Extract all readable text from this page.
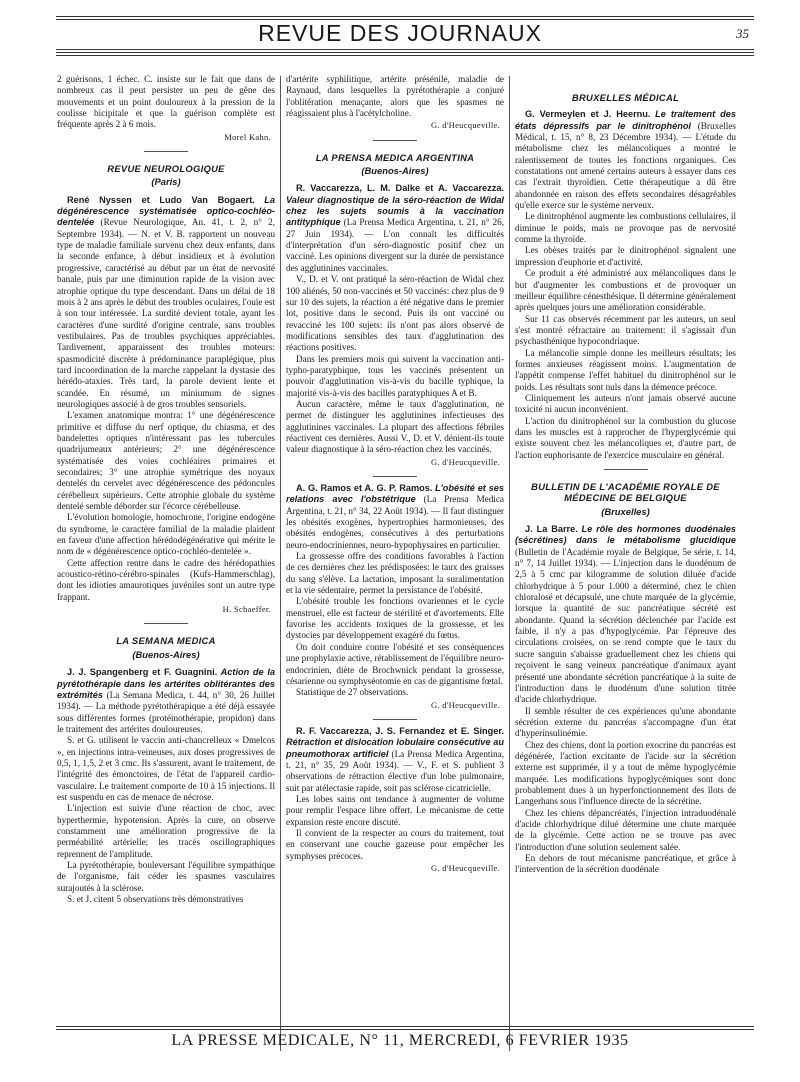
REVUE DES JOURNAUX	35

2 guérisons, 1 échec. C. insiste sur le fait que dans de nombreux cas il peut persister un peu de gêne des mouvements et un point douloureux à la pression de la coulisse bicipitale et que la guérison complète est fréquente après 2 à 6 mois.

Morel Kahn.

REVUE NEUROLOGIQUE

(Paris)

René Nyssen et Ludo Van Bogaert. La dégénérescence systématisée optico-cochléo-dentelée (Revue Neurologique, An. 41, t. 2, n° 2, Septembre 1934). — N. et V. B. rapportent un nouveau type de maladie familiale survenu chez deux enfants, dans la seconde enfance, à début insidieux et à évolution progressive, caractérisé au début par un état de nervosité banale, puis par une diminution rapide de la vision avec atrophie optique du type descendant. Dans un délai de 18 mois à 2 ans après le début des troubles oculaires, l'ouïe est à son tour intéressée. La surdité devient totale, ayant les caractères d'une surdité d'origine centrale, sans troubles vestibulaires. Pas de troubles psychiques appréciables. Tardivement, apparaissent des troubles moteurs: spasmodicité discrète à prédominance paraplégique, plus tard incoordination de la marche rappelant la dystasie des hérédo-ataxies. Très tard, la parole devient lente et scandée. En résumé, un miniumum de signes neurologiques associé à de gros troubles sensoriels.

L'examen anatomique montra: 1° une dégénérescence primitive et diffuse du nerf optique, du chiasma, et des bandelettes optiques n'intéressant pas les tubercules quadrijumeaux antérieurs; 2° une dégénérescence systématisée des voies cochléaires primaires et secondaires; 3° une atrophie symétrique des noyaux dentelés du cervelet avec dégénérescence des pédoncules cérébelleux supérieurs. Cette atrophie globale du système dentelé semble déborder sur l'écorce cérébelleuse.

L'évolution homologie, homochrone, l'origine endogène du syndrome, le caractère familial de la maladie plaident en faveur d'une affection hérédodégénérative qui mérite le nom de « dégénérescence optico-cochléo-dentelée ».

Cette affection rentre dans le cadre des hérédopathies acoustico-rétino-cérébro-spinales (Kufs-Hammerschlag), dont les idioties amaurotiques juvéniles sont un autre type frappant.

H. Schaeffer.

LA SEMANA MEDICA

(Buenos-Aires)

J. J. Spangenberg et F. Guagnini. Action de la pyrétothérapie dans les artérites oblitérantes des extrémités (La Semana Medica, t. 44, n° 30, 26 Juillet 1934). — La méthode pyrétothérapique a été déjà essayée sous différentes formes (protéinothérapie, propidon) dans le traitement des artérites douloureuses.

S. et G. utilisent le vaccin anti-chancrelleux « Dmelcos », en injections intra-veineuses, aux doses progressives de 0,5, 1, 1,5, 2 et 3 cmc. Ils s'assurent, avant le traitement, de l'intégrité des émonctoires, de l'état de l'appareil cardio-vasculaire. Le traitement comporte de 10 à 15 injections. Il est suspendu en cas de menace de nécrose.

L'injection est suivie d'une réaction de choc, avec hyperthermie, hypotension. Après la cure, on observe constamment une amélioration progressive de la perméabilité artérielle; les tracés oscillographiques reprennent de l'amplitude.

La pyrétothérapie, bouleversant l'équilibre sympathique de l'organisme, fait céder les spasmes vasculaires surajoutés à la sclérose.

S. et J. citent 5 observations très démonstratives

d'artérite syphilitique, artérite présénile, maladie de Raynaud, dans lesquelles la pyrétothérapie a conjuré l'oblitération menaçante, alors que les spasmes ne réagissaient plus à l'acétylcholine.

G. d'Heucqueville.

LA PRENSA MEDICA ARGENTINA

(Buenos-Aires)

R. Vaccarezza, L. M. Dalke et A. Vaccarezza. Valeur diagnostique de la séro-réaction de Widal chez les sujets soumis à la vaccination antityphique (La Prensa Medica Argentina, t. 21, n° 26, 27 Juin 1934). — L'on connaît les difficultés d'interprétation d'un séro-diagnostic positif chez un vacciné. Les opinions divergent sur la durée de persistance des agglutinines vaccinales.

V., D. et V. ont pratiqué la séro-réaction de Widal chez 100 aliénés, 50 non-vaccinés et 50 vaccinés: chez plus de 9 sur 10 des sujets, la réaction a été négative dans le premier lot, positive dans le second. Puis ils ont vacciné ou revacciné les 100 sujets: ils n'ont pas alors observé de modifications sensibles des taux d'agglutination des réactions positives.

Dans les premiers mois qui suivent la vaccination anti-typho-paratyphique, tous les vaccinés présentent un pouvoir d'agglutination vis-à-vis du bacille typhique, la majorité vis-à-vis des bacilles paratyphiques A et B.

Aucun caractère, même le taux d'agglutination, ne permet de distinguer les agglutinines infectieuses des agglutinines vaccinales. La plupart des affections fébriles réactivent ces dernières. Aussi V., D. et V. dénient-ils toute valeur diagnostique à la séro-réaction chez les vaccinés.

G. d'Heucqueville.

A. G. Ramos et A. G. P. Ramos. L'obésité et ses relations avec l'obstétrique (La Prensa Medica Argentina, t. 21, n° 34, 22 Août 1934). — Il faut distinguer les obésités exogènes, hypertrophies harmonieuses, des obésités endogènes, consécutives à des perturbations neuro-endocriniennes, neuro-hypophysaires en particulier.

La grossesse offre des conditions favorables à l'action de ces dernières chez les prédisposées: le taux des graisses du sang s'élève. La lactation, imposant la suralimentation et la vie sédentaire, permet la persistance de l'obésité.

L'obésité trouble les fonctions ovariennes et le cycle menstruel, elle est facteur de stérilité et d'avortements. Elle favorise les accidents toxiques de la grossesse, et les dystocies par développement exagéré du fœtus.

On doit conduire contre l'obésité et ses conséquences une prophylaxie active, rétablissement de l'équilibre neuro-endocrinien, diète de Brochwnick pendant la grossesse, césarienne ou symphyséotomie en cas de gigantisme fœtal.

Statistique de 27 observations.

G. d'Heucqueville.

R. F. Vaccarezza, J. S. Fernandez et E. Singer. Rétraction et dislocation lobulaire consécutive au pneumothorax artificiel (La Prensa Medica Argentina, t. 21, n° 35, 29 Août 1934). — V., F. et S. publient 3 observations de rétraction élective d'un lobe pulmonaire, suit par atélectasie rapide, soit pas sclérose cicatricielle.

Les lobes sains ont tendance à augmenter de volume pour remplir l'espace libre offert. Le mécanisme de cette expansion reste encore discuté.

Il convient de la respecter au cours du traitement, tout en conservant une couche gazeuse pour empêcher les symphyses précoces.

G. d'Heucqueville.

BRUXELLES MÉDICAL

G. Vermeylen et J. Heernu. Le traitement des états dépressifs par le dinitrophénol (Bruxelles Médical, t. 15, n° 8, 23 Décembre 1934). — L'étude du métabolisme chez les mélancoliques a montré le ralentissement de toutes les fonctions organiques. Ces constatations ont amené certains auteurs à essayer dans ces cas l'extrait thyroïdien. Cette thérapeutique a dû être abandonnée en raison des effets secondaires désagréables qu'elle exerce sur le système nerveux.

Le dinitrophénol augmente les combustions cellulaires, il diminue le poids, mais ne provoque pas de nervosité comme la thyroïde.

Les obèses traités par le dinitrophénol signalent une impression d'euphorie et d'activité.

Ce produit a été administré aux mélancoliques dans le but d'augmenter les combustions et de provoquer un meilleur équilibre cénesthésique. Il détermine généralement après quelques jours une amélioration considérable.

Sur 11 cas observés récemment par les auteurs, un seul s'est montré réfractaire au traitement: il s'agissait d'un psychasthénique hypocondriaque.

La mélancolie simple donne les meilleurs résultats; les formes anxieuses réagissent moins. L'augmentation de l'appétit compense l'effet habituel du dinitrophénol sur le poids. Les résultats sont nuls dans la démence précoce.

Cliniquement les auteurs n'ont jamais observé aucune toxicité ni aucun inconvénient.

L'action du dinitrophénol sur la combustion du glucose dans les muscles est à rapprocher de l'hyperglycémie qui existe souvent chez les mélancoliques et, d'autre part, de l'action euphorisante de l'exercice musculaire en général.

BULLETIN DE L'ACADÉMIE ROYALE DE MÉDECINE DE BELGIQUE

(Bruxelles)

J. La Barre. Le rôle des hormones duodénales (sécrétines) dans le métabolisme glucidique (Bulletin de l'Académie royale de Belgique, 5e série, t. 14, n° 7, 14 Juillet 1934). — L'injection dans le duodénum de 2,5 à 5 cmc par kilogramme de solution diluée d'acide chlorhydrique à 5 pour 1.000 a déterminé, chez le chien chloralosé et décapsulé, une chute marquée de la glycémie, lorsque la quantité de suc pancréatique sécrété est abondante. Quand la sécrétion déclenchée par l'acide est faible, il n'y a pas d'hypoglycémie. Par l'épreuve des circulations croisées, on se rend compte que le taux du sucre sanguin s'abaisse graduellement chez les chiens qui reçoivent le sang veineux pancréatique d'animaux ayant présenté une abondante sécrétion pancréatique à la suite de l'introduction dans le duodénum d'une solution titrée d'acide chlorhydrique.

Il semble résulter de ces expériences qu'une abondante sécrétion externe du pancréas s'accompagne d'un état d'hyperinsulinémie.

Chez des chiens, dont la portion exocrine du pancréas est dégénérée, l'action excitante de l'acide sur la sécrétion externe est supprimée, il y a tout de même hypoglycémie marquée. Les modifications hypoglycémiques sont donc probablement dues à un hyperfonctionnement des îlots de Langerhans sous l'influence directe de la sécrétine.

Chez les chiens dépancréatés, l'injection intraduodénale d'acide chlorhydrique dilué détermine une chute marquée de la glycémie. Cette action ne se trouve pas avec l'introduction d'une solution seulement salée.

En dehors de tout mécanisme pancréatique, et grâce à l'intervention de la sécrétion duodénale

LA PRESSE MEDICALE, N° 11, MERCREDI, 6 FEVRIER 1935
